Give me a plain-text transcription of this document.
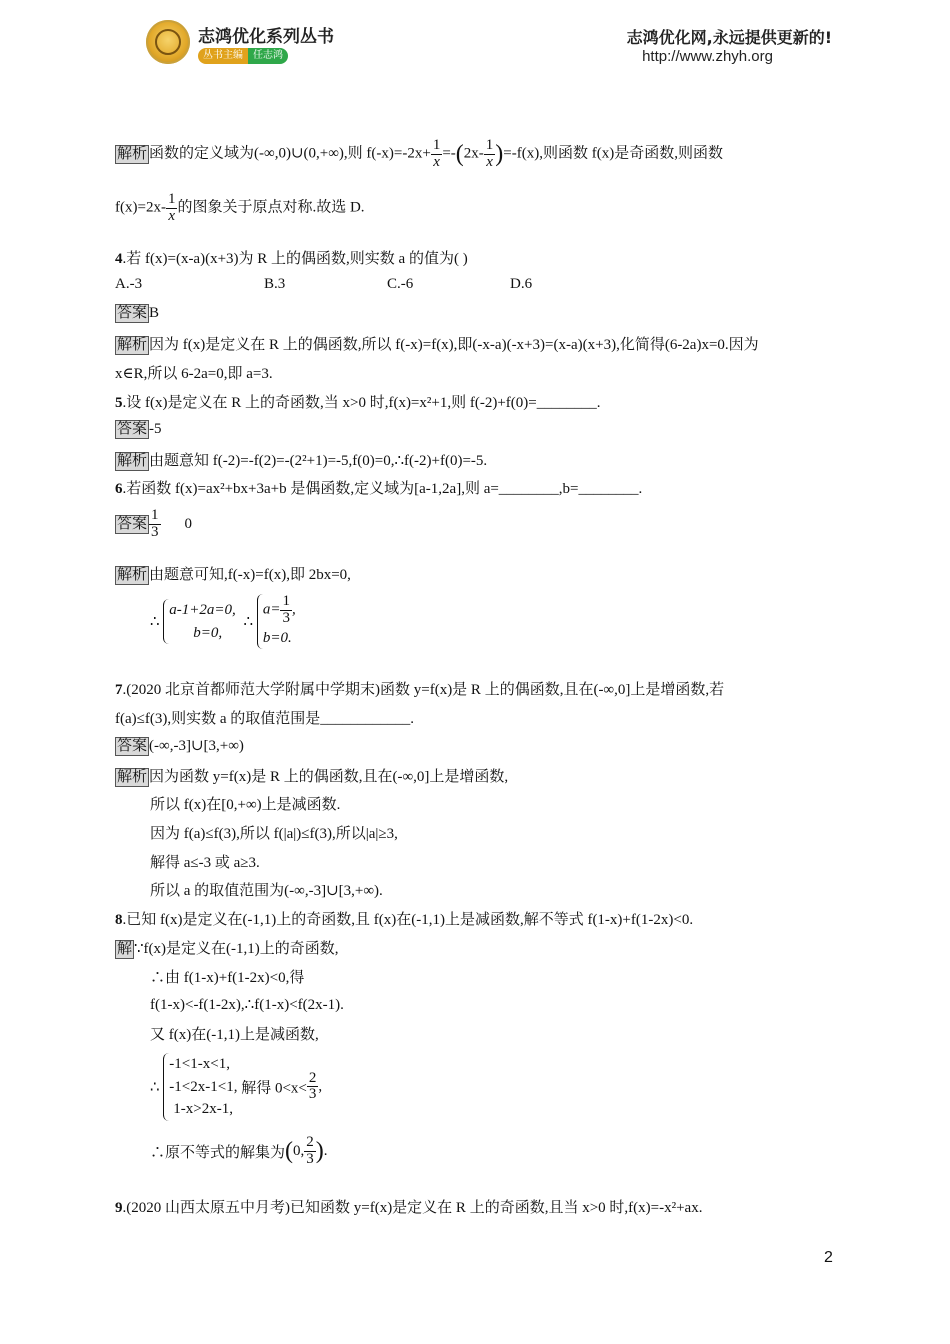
志鸿优化系列丛书
丛书主编	任志鸿
志鸿优化网,永远提供更新的!
http://www.zhyh.org
解析 函数的定义域为(-∞,0)∪(0,+∞),则 $f(-x)=-2x+ \frac{1}{x} =-(2x- \frac{1}{x} )=-f(x)$,则函数 f(x)是奇函数,则函数
$f(x)=2x- \frac{1}{x}$ 的图象关于原点对称.故选 D.
4.若 f(x)=(x-a)(x+3)为 R 上的偶函数,则实数 a 的值为( )
A.-3	B.3	C.-6	D.6
答案 B
解析 因为 f(x)是定义在 R 上的偶函数,所以 f(-x)=f(x),即(-x-a)(-x+3)=(x-a)(x+3),化简得(6-2a)x=0.因为
x∈R,所以 6-2a=0,即 a=3.
5.设 f(x)是定义在 R 上的奇函数,当 x>0 时,f(x)=x²+1,则 f(-2)+f(0)=________.
答案 -5
解析 由题意知 f(-2)=-f(2)=-(2²+1)=-5,f(0)=0,∴f(-2)+f(0)=-5.
6.若函数 f(x)=ax²+bx+3a+b 是偶函数,定义域为[a-1,2a],则 a=________,b=________.
答案 $\frac{1}{3} 0$
解析 由题意可知,f(-x)=f(x),即 2bx=0,
∴
a-1+2a=0,
b=0,
∴
$a= \frac{1}{3}$ ,
b=0.
7.(2020 北京首都师范大学附属中学期末)函数 y=f(x)是 R 上的偶函数,且在(-∞,0]上是增函数,若
f(a)≤f(3),则实数 a 的取值范围是____________.
答案 (-∞,-3]∪[3,+∞)
解析 因为函数 y=f(x)是 R 上的偶函数,且在(-∞,0]上是增函数,
所以 f(x)在[0,+∞)上是减函数.
因为 f(a)≤f(3),所以 f(|a|)≤f(3),所以|a|≥3,
解得 a≤-3 或 a≥3.
所以 a 的取值范围为(-∞,-3]∪[3,+∞).
8.已知 f(x)是定义在(-1,1)上的奇函数,且 f(x)在(-1,1)上是减函数,解不等式 f(1-x)+f(1-2x)<0.
解 ∵f(x)是定义在(-1,1)上的奇函数,
∴由 f(1-x)+f(1-2x)<0,得
f(1-x)<-f(1-2x),∴f(1-x)<f(2x-1).
又 f(x)在(-1,1)上是减函数,
∴
-1<1-x<1,
-1<2x-1<1,
1-x>2x-1,
解得 $0<x< \frac{2}{3}$ ,
∴原不等式的解集为(0, $\frac{2}{3}$ ).
9.(2020 山西太原五中月考)已知函数 y=f(x)是定义在 R 上的奇函数,且当 x>0 时,f(x)=-x²+ax.
2
